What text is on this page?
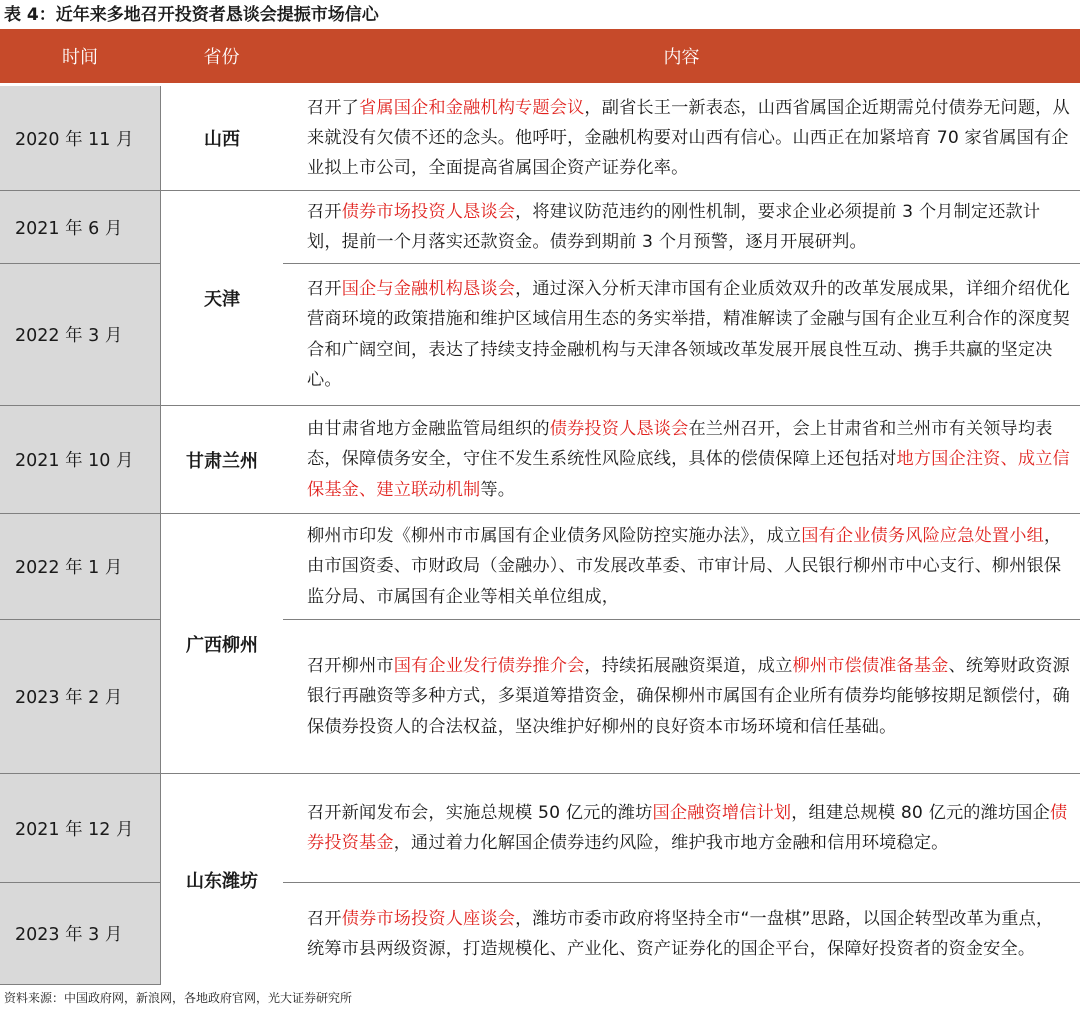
表 4：近年来多地召开投资者恳谈会提振市场信心
时间	省份	内容
2020 年 11 月
2021 年 6 月
2022 年 3 月
2021 年 10 月
2022 年 1 月
2023 年 2 月
2021 年 12 月
2023 年 3 月
山西
天津
甘肃兰州
广西柳州
山东潍坊
召开了省属国企和金融机构专题会议，副省长王一新表态，山西省属国企近期需兑付债券无问题，从来就没有欠债不还的念头。他呼吁，金融机构要对山西有信心。山西正在加紧培育 70 家省属国有企业拟上市公司，全面提高省属国企资产证券化率。
召开债券市场投资人恳谈会，将建议防范违约的刚性机制，要求企业必须提前 3 个月制定还款计划，提前一个月落实还款资金。债券到期前 3 个月预警，逐月开展研判。
召开国企与金融机构恳谈会，通过深入分析天津市国有企业质效双升的改革发展成果，详细介绍优化营商环境的政策措施和维护区域信用生态的务实举措，精准解读了金融与国有企业互利合作的深度契合和广阔空间，表达了持续支持金融机构与天津各领域改革发展开展良性互动、携手共赢的坚定决心。
由甘肃省地方金融监管局组织的债券投资人恳谈会在兰州召开，会上甘肃省和兰州市有关领导均表态，保障债务安全，守住不发生系统性风险底线，具体的偿债保障上还包括对地方国企注资、成立信保基金、建立联动机制等。
柳州市印发《柳州市市属国有企业债务风险防控实施办法》，成立国有企业债务风险应急处置小组，由市国资委、市财政局（金融办）、市发展改革委、市审计局、人民银行柳州市中心支行、柳州银保监分局、市属国有企业等相关单位组成，
召开柳州市国有企业发行债券推介会，持续拓展融资渠道，成立柳州市偿债准备基金、统筹财政资源银行再融资等多种方式，多渠道筹措资金，确保柳州市属国有企业所有债券均能够按期足额偿付，确保债券投资人的合法权益，坚决维护好柳州的良好资本市场环境和信任基础。
召开新闻发布会，实施总规模 50 亿元的潍坊国企融资增信计划，组建总规模 80 亿元的潍坊国企债券投资基金，通过着力化解国企债券违约风险，维护我市地方金融和信用环境稳定。
召开债券市场投资人座谈会，潍坊市委市政府将坚持全市“一盘棋”思路，以国企转型改革为重点，统筹市县两级资源，打造规模化、产业化、资产证券化的国企平台，保障好投资者的资金安全。
资料来源：中国政府网，新浪网，各地政府官网，光大证券研究所
